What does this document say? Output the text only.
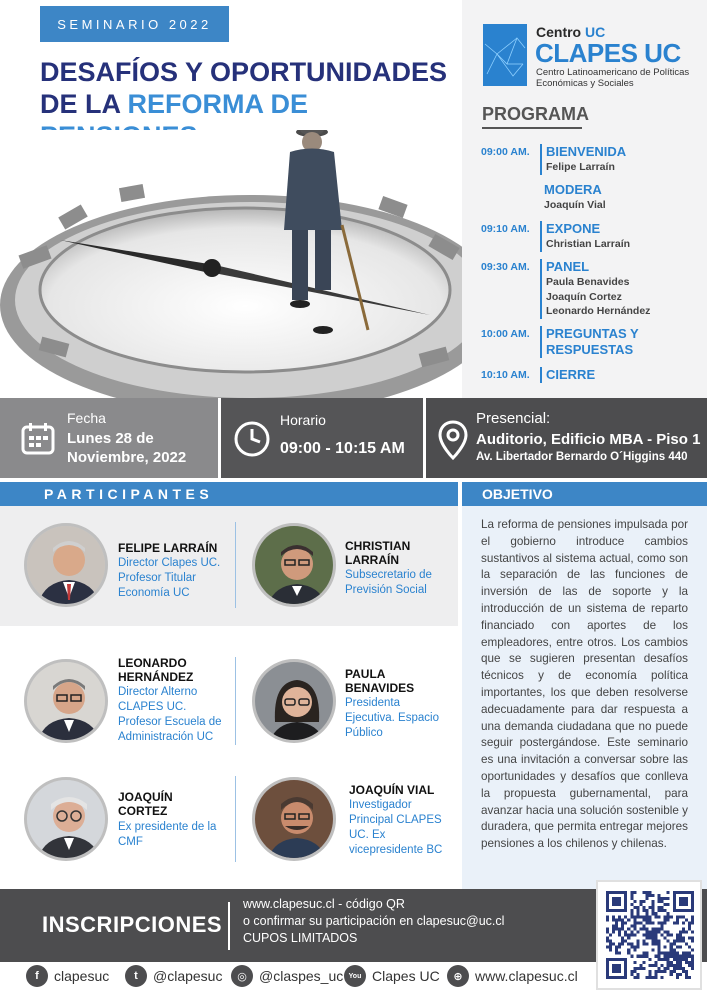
SEMINARIO 2022
DESAFÍOS Y OPORTUNIDADES
DE LA REFORMA DE
Centro UC
CLAPES UC
Centro Latinoamericano de Políticas Económicas y Sociales
PROGRAMA
09:00 AM.	BIENVENIDA
Felipe Larraín
MODERA
Joaquín Vial
09:10 AM.	EXPONE
Christian Larraín
09:30 AM.	PANEL
Paula Benavides
Joaquín Cortez
Leonardo Hernández
10:00 AM.	PREGUNTAS Y RESPUESTAS
10:10 AM.	CIERRE
Fecha
Lunes 28 de Noviembre, 2022
Horario
09:00 - 10:15 AM
Presencial:
Auditorio, Edificio MBA - Piso 1
Av. Libertador Bernardo O´Higgins 440
PARTICIPANTES	OBJETIVO
FELIPE LARRAÍN
Director Clapes UC. Profesor Titular Economía UC
CHRISTIAN LARRAÍN
Subsecretario de Previsión Social
LEONARDO HERNÁNDEZ
Director Alterno CLAPES UC. Profesor Escuela de Administración UC
PAULA BENAVIDES
Presidenta Ejecutiva. Espacio Público
JOAQUÍN CORTEZ
Ex presidente de la CMF
JOAQUÍN VIAL
Investigador Principal CLAPES UC. Ex vicepresidente BC
La reforma de pensiones impulsada por el gobierno introduce cambios sustantivos al sistema actual, como son la separación de las funciones de inversión de las de soporte y la introducción de un sistema de reparto financiado con aportes de los empleadores, entre otros. Los cambios que se sugieren presentan desafíos técnicos y de economía política importantes, los que deben resolverse adecuadamente para dar respuesta a una demanda ciudadana que no puede seguir postergándose. Este seminario es una invitación a conversar sobre las oportunidades y desafíos que conlleva la propuesta gubernamental, para avanzar hacia una solución sostenible y duradera, que permita entregar mejores pensiones a los chilenos y chilenas.
INSCRIPCIONES
www.clapesuc.cl - código QR
o confirmar su participación en clapesuc@uc.cl
CUPOS LIMITADOS
f	clapesuc	t	@clapesuc	◎ @claspes_uc You Clapes UC	⊕ www.clapesuc.cl
